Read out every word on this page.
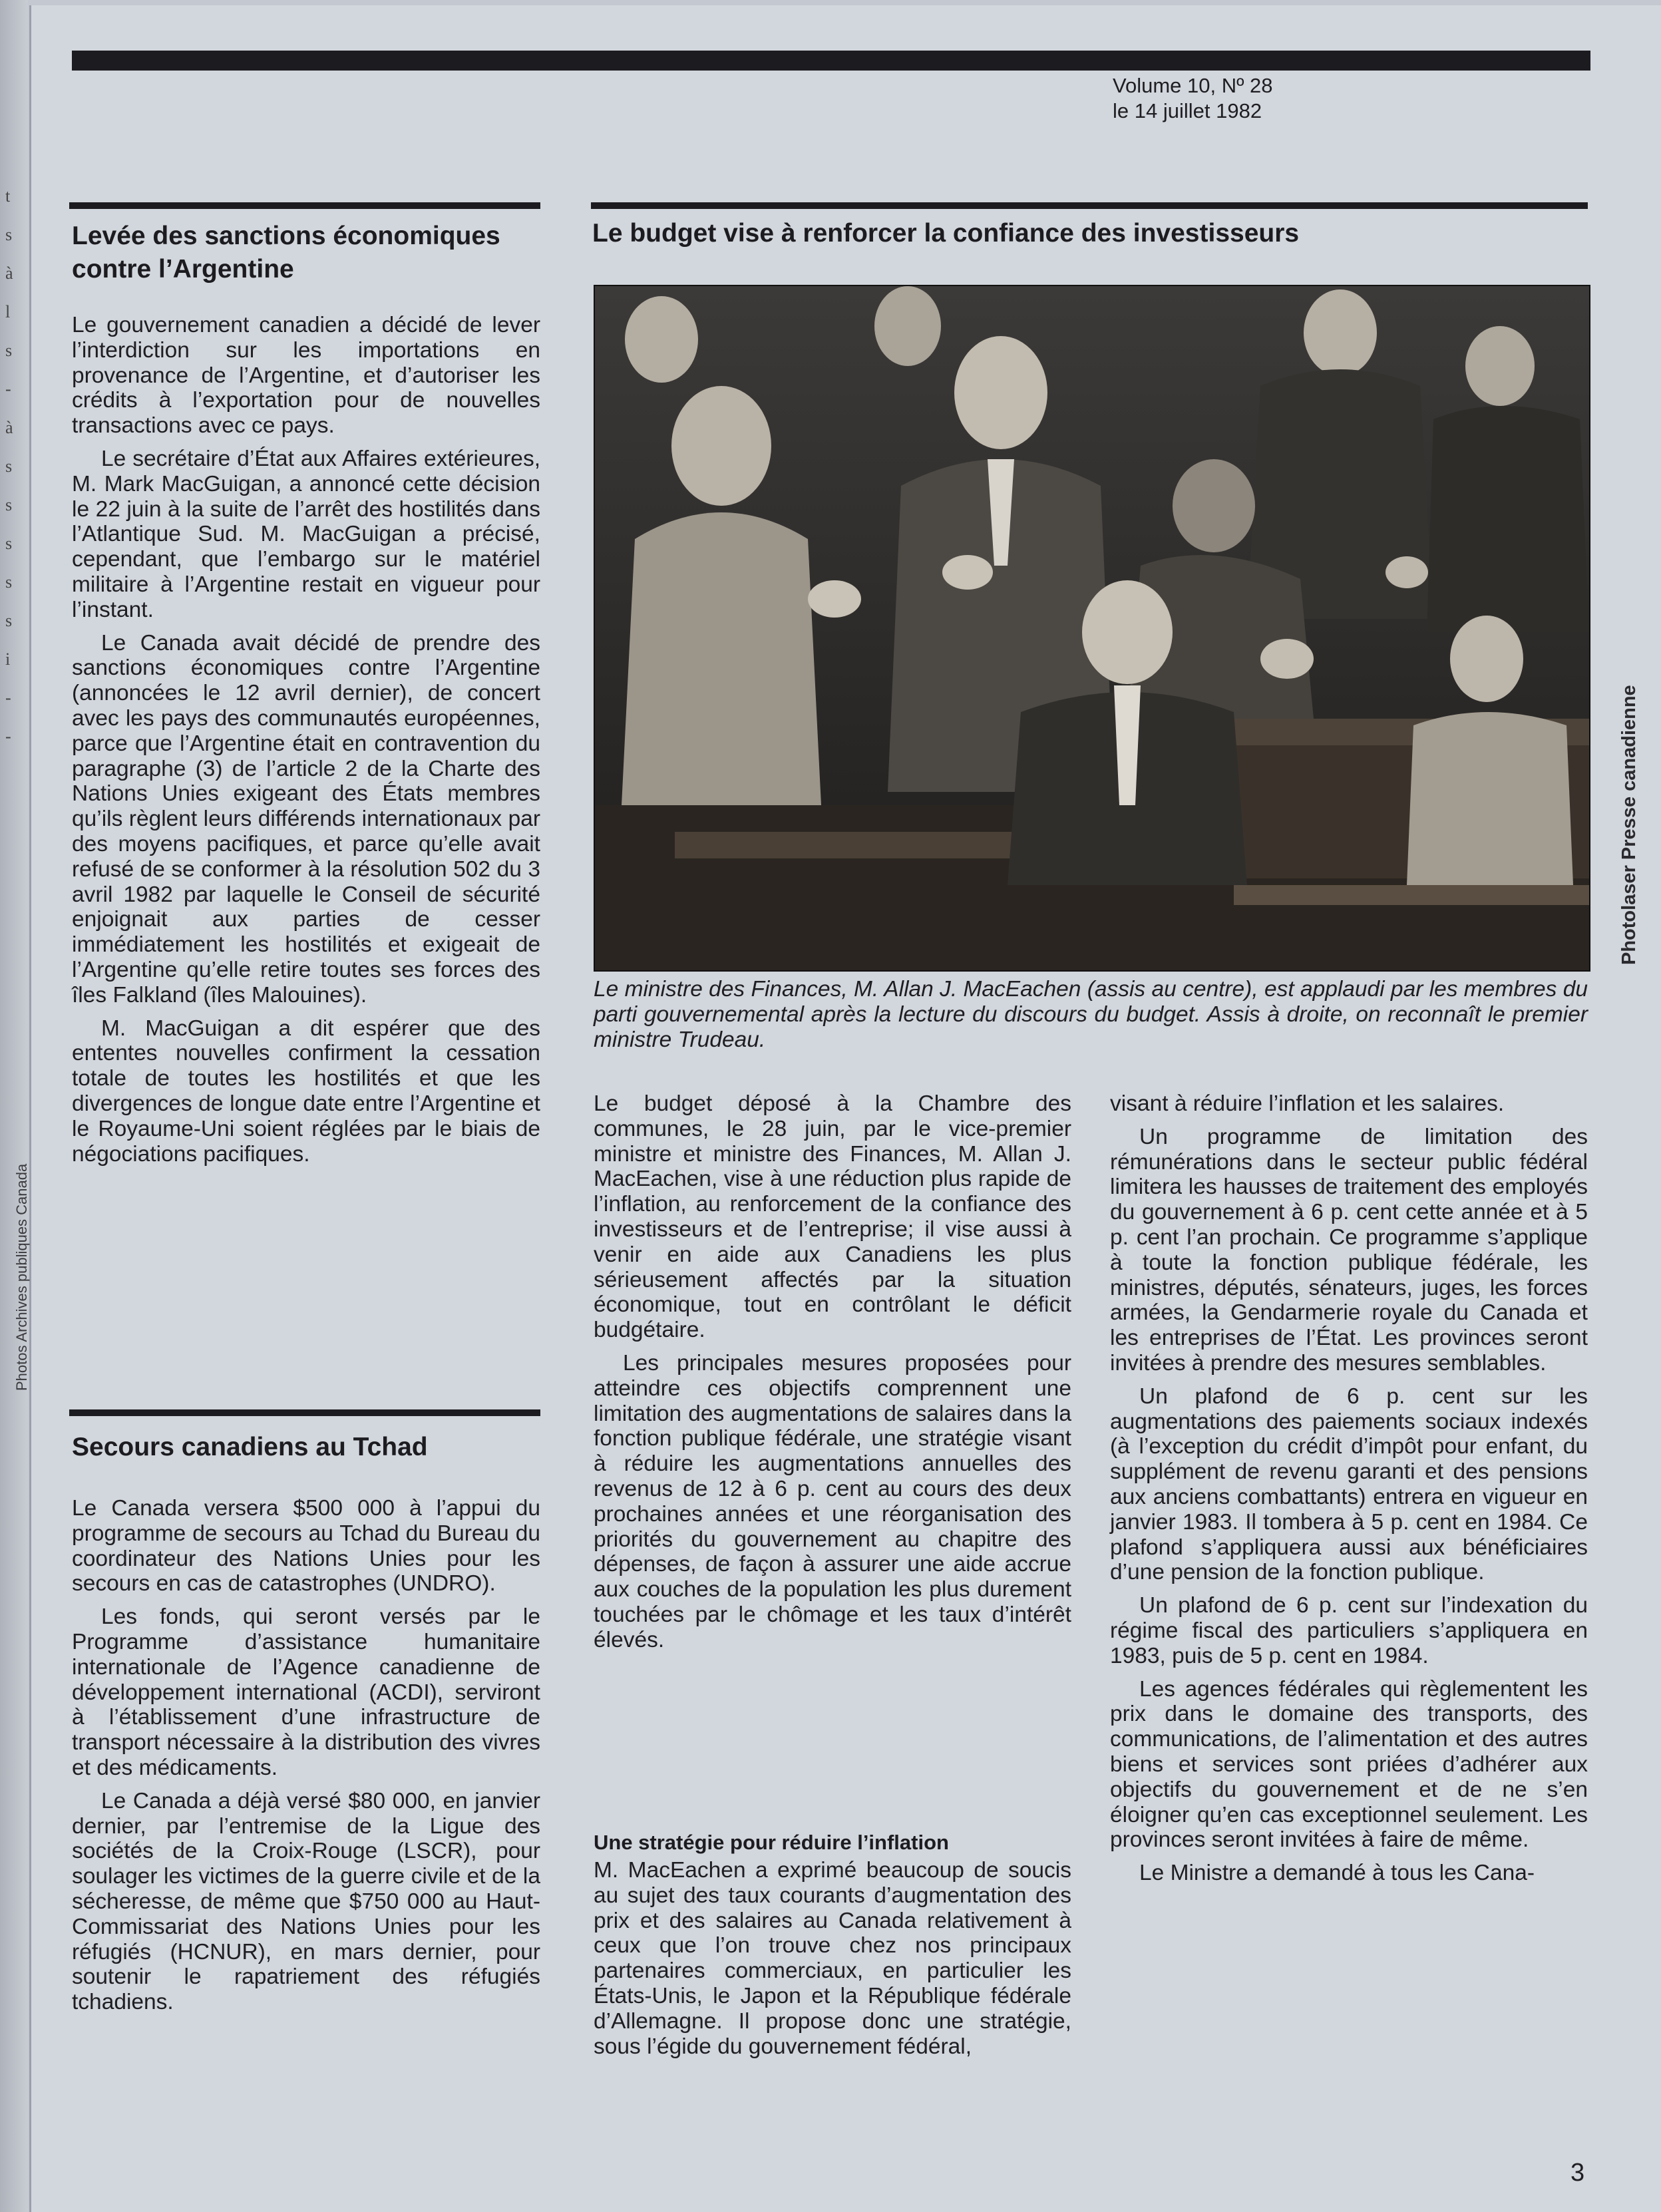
t
s
à
l
s
-
à
s
s
s
s
s
i
-
-
Volume 10, Nº 28
le 14 juillet 1982
Levée des sanctions économiques contre l’Argentine

Le gouvernement canadien a décidé de lever l’interdiction sur les importations en provenance de l’Argentine, et d’autoriser les crédits à l’exportation pour de nouvelles transactions avec ce pays.

Le secrétaire d’État aux Affaires extérieures, M. Mark MacGuigan, a annoncé cette décision le 22 juin à la suite de l’arrêt des hostilités dans l’Atlantique Sud. M. MacGuigan a précisé, cependant, que l’embargo sur le matériel militaire à l’Argentine restait en vigueur pour l’instant.

Le Canada avait décidé de prendre des sanctions économiques contre l’Argentine (annoncées le 12 avril dernier), de concert avec les pays des communautés européennes, parce que l’Argentine était en contravention du paragraphe (3) de l’article 2 de la Charte des Nations Unies exigeant des États membres qu’ils règlent leurs différends internationaux par des moyens pacifiques, et parce qu’elle avait refusé de se conformer à la résolution 502 du 3 avril 1982 par laquelle le Conseil de sécurité enjoignait aux parties de cesser immédiatement les hostilités et exigeait de l’Argentine qu’elle retire toutes ses forces des îles Falkland (îles Malouines).

M. MacGuigan a dit espérer que des ententes nouvelles confirment la cessation totale de toutes les hostilités et que les divergences de longue date entre l’Argentine et le Royaume-Uni soient réglées par le biais de négociations pacifiques.

Secours canadiens au Tchad

Le Canada versera $500 000 à l’appui du programme de secours au Tchad du Bureau du coordinateur des Nations Unies pour les secours en cas de catastrophes (UNDRO).

Les fonds, qui seront versés par le Programme d’assistance humanitaire internationale de l’Agence canadienne de développement international (ACDI), serviront à l’établissement d’une infrastructure de transport nécessaire à la distribution des vivres et des médicaments.

Le Canada a déjà versé $80 000, en janvier dernier, par l’entremise de la Ligue des sociétés de la Croix-Rouge (LSCR), pour soulager les victimes de la guerre civile et de la sécheresse, de même que $750 000 au Haut-Commissariat des Nations Unies pour les réfugiés (HCNUR), en mars dernier, pour soutenir le rapatriement des réfugiés tchadiens.

Le budget vise à renforcer la confiance des investisseurs
Photolaser Presse canadienne
Le ministre des Finances, M. Allan J. MacEachen (assis au centre), est applaudi par les membres du parti gouvernemental après la lecture du discours du budget. Assis à droite, on reconnaît le premier ministre Trudeau.

Le budget déposé à la Chambre des communes, le 28 juin, par le vice-premier ministre et ministre des Finances, M. Allan J. MacEachen, vise à une réduction plus rapide de l’inflation, au renforcement de la confiance des investisseurs et de l’entreprise; il vise aussi à venir en aide aux Canadiens les plus sérieusement affectés par la situation économique, tout en contrôlant le déficit budgétaire.

Les principales mesures proposées pour atteindre ces objectifs comprennent une limitation des augmentations de salaires dans la fonction publique fédérale, une stratégie visant à réduire les augmentations annuelles des revenus de 12 à 6 p. cent au cours des deux prochaines années et une réorganisation des priorités du gouvernement au chapitre des dépenses, de façon à assurer une aide accrue aux couches de la population les plus durement touchées par le chômage et les taux d’intérêt élevés.

Une stratégie pour réduire l’inflation

M. MacEachen a exprimé beaucoup de soucis au sujet des taux courants d’augmentation des prix et des salaires au Canada relativement à ceux que l’on trouve chez nos principaux partenaires commerciaux, en particulier les États-Unis, le Japon et la République fédérale d’Allemagne. Il propose donc une stratégie, sous l’égide du gouvernement fédéral,

visant à réduire l’inflation et les salaires.

Un programme de limitation des rémunérations dans le secteur public fédéral limitera les hausses de traitement des employés du gouvernement à 6 p. cent cette année et à 5 p. cent l’an prochain. Ce programme s’applique à toute la fonction publique fédérale, les ministres, députés, sénateurs, juges, les forces armées, la Gendarmerie royale du Canada et les entreprises de l’État. Les provinces seront invitées à prendre des mesures semblables.

Un plafond de 6 p. cent sur les augmentations des paiements sociaux indexés (à l’exception du crédit d’impôt pour enfant, du supplément de revenu garanti et des pensions aux anciens combattants) entrera en vigueur en janvier 1983. Il tombera à 5 p. cent en 1984. Ce plafond s’appliquera aussi aux bénéficiaires d’une pension de la fonction publique.

Un plafond de 6 p. cent sur l’indexation du régime fiscal des particuliers s’appliquera en 1983, puis de 5 p. cent en 1984.

Les agences fédérales qui règlementent les prix dans le domaine des transports, des communications, de l’alimentation et des autres biens et services sont priées d’adhérer aux objectifs du gouvernement et de ne s’en éloigner qu’en cas exceptionnel seulement. Les provinces seront invitées à faire de même.

Le Ministre a demandé à tous les Cana-

Photos Archives publiques Canada
3
